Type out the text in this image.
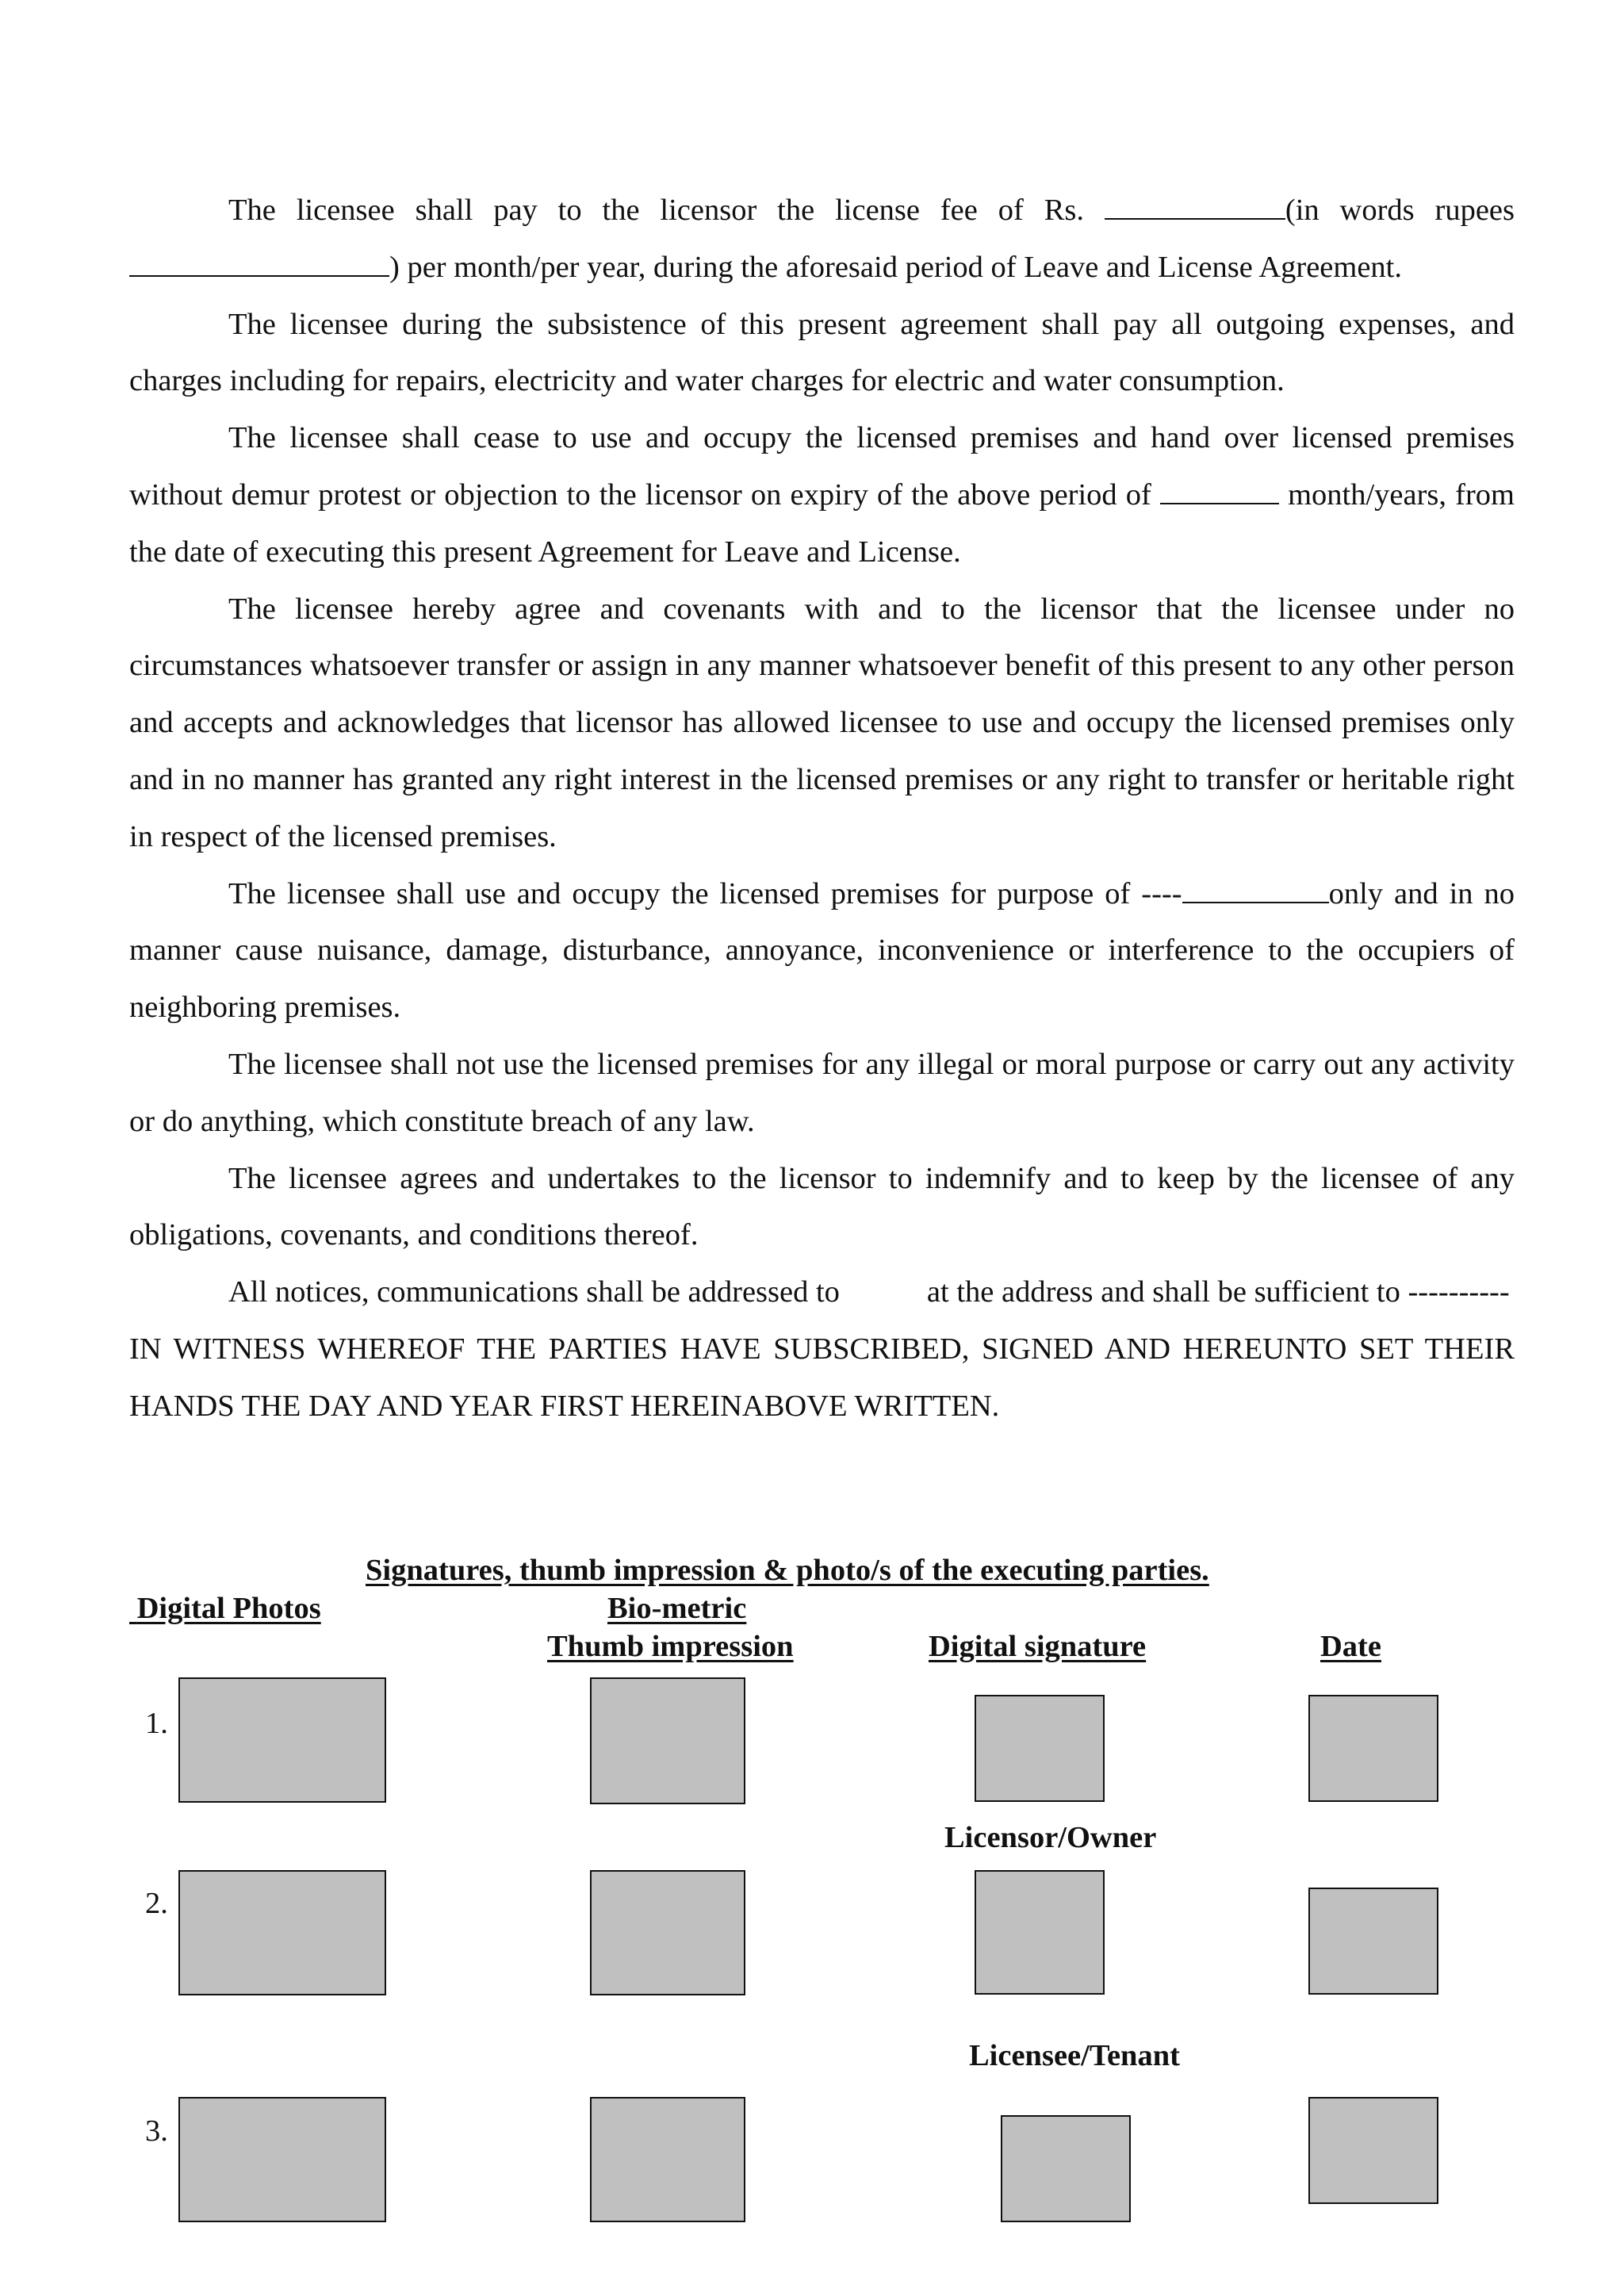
The licensee shall pay to the licensor the license fee of Rs.	(in words rupees) per month/per year, during the aforesaid period of Leave and License Agreement.

The licensee during the subsistence of this present agreement shall pay all outgoing expenses, and charges including for repairs, electricity and water charges for electric and water consumption.

The licensee shall cease to use and occupy the licensed premises and hand over licensed premises without demur protest or objection to the licensor on expiry of the above period of	month/years, from the date of executing this present Agreement for Leave and License.

The licensee hereby agree and covenants with and to the licensor that the licensee under no circumstances whatsoever transfer or assign in any manner whatsoever benefit of this present to any other person and accepts and acknowledges that licensor has allowed licensee to use and occupy the licensed premises only and in no manner has granted any right interest in the licensed premises or any right to transfer or heritable right in respect of the licensed premises.

The licensee shall use and occupy the licensed premises for purpose of ----	only and in no manner cause nuisance, damage, disturbance, annoyance, inconvenience or interference to the occupiers of neighboring premises.

The licensee shall not use the licensed premises for any illegal or moral purpose or carry out any activity or do anything, which constitute breach of any law.

The licensee agrees and undertakes to the licensor to indemnify and to keep by the licensee of any obligations, covenants, and conditions thereof.

All notices, communications shall be addressed to	at the address and shall be sufficient to ----------

IN WITNESS WHEREOF THE PARTIES HAVE SUBSCRIBED, SIGNED AND HEREUNTO SET THEIR HANDS THE DAY AND YEAR FIRST HEREINABOVE WRITTEN.

Signatures, thumb impression & photo/s of the executing parties.
Digital Photos	Bio-metric
Thumb impression	Digital signature	Date
1.
Licensor/Owner
2.
Licensee/Tenant
3.
